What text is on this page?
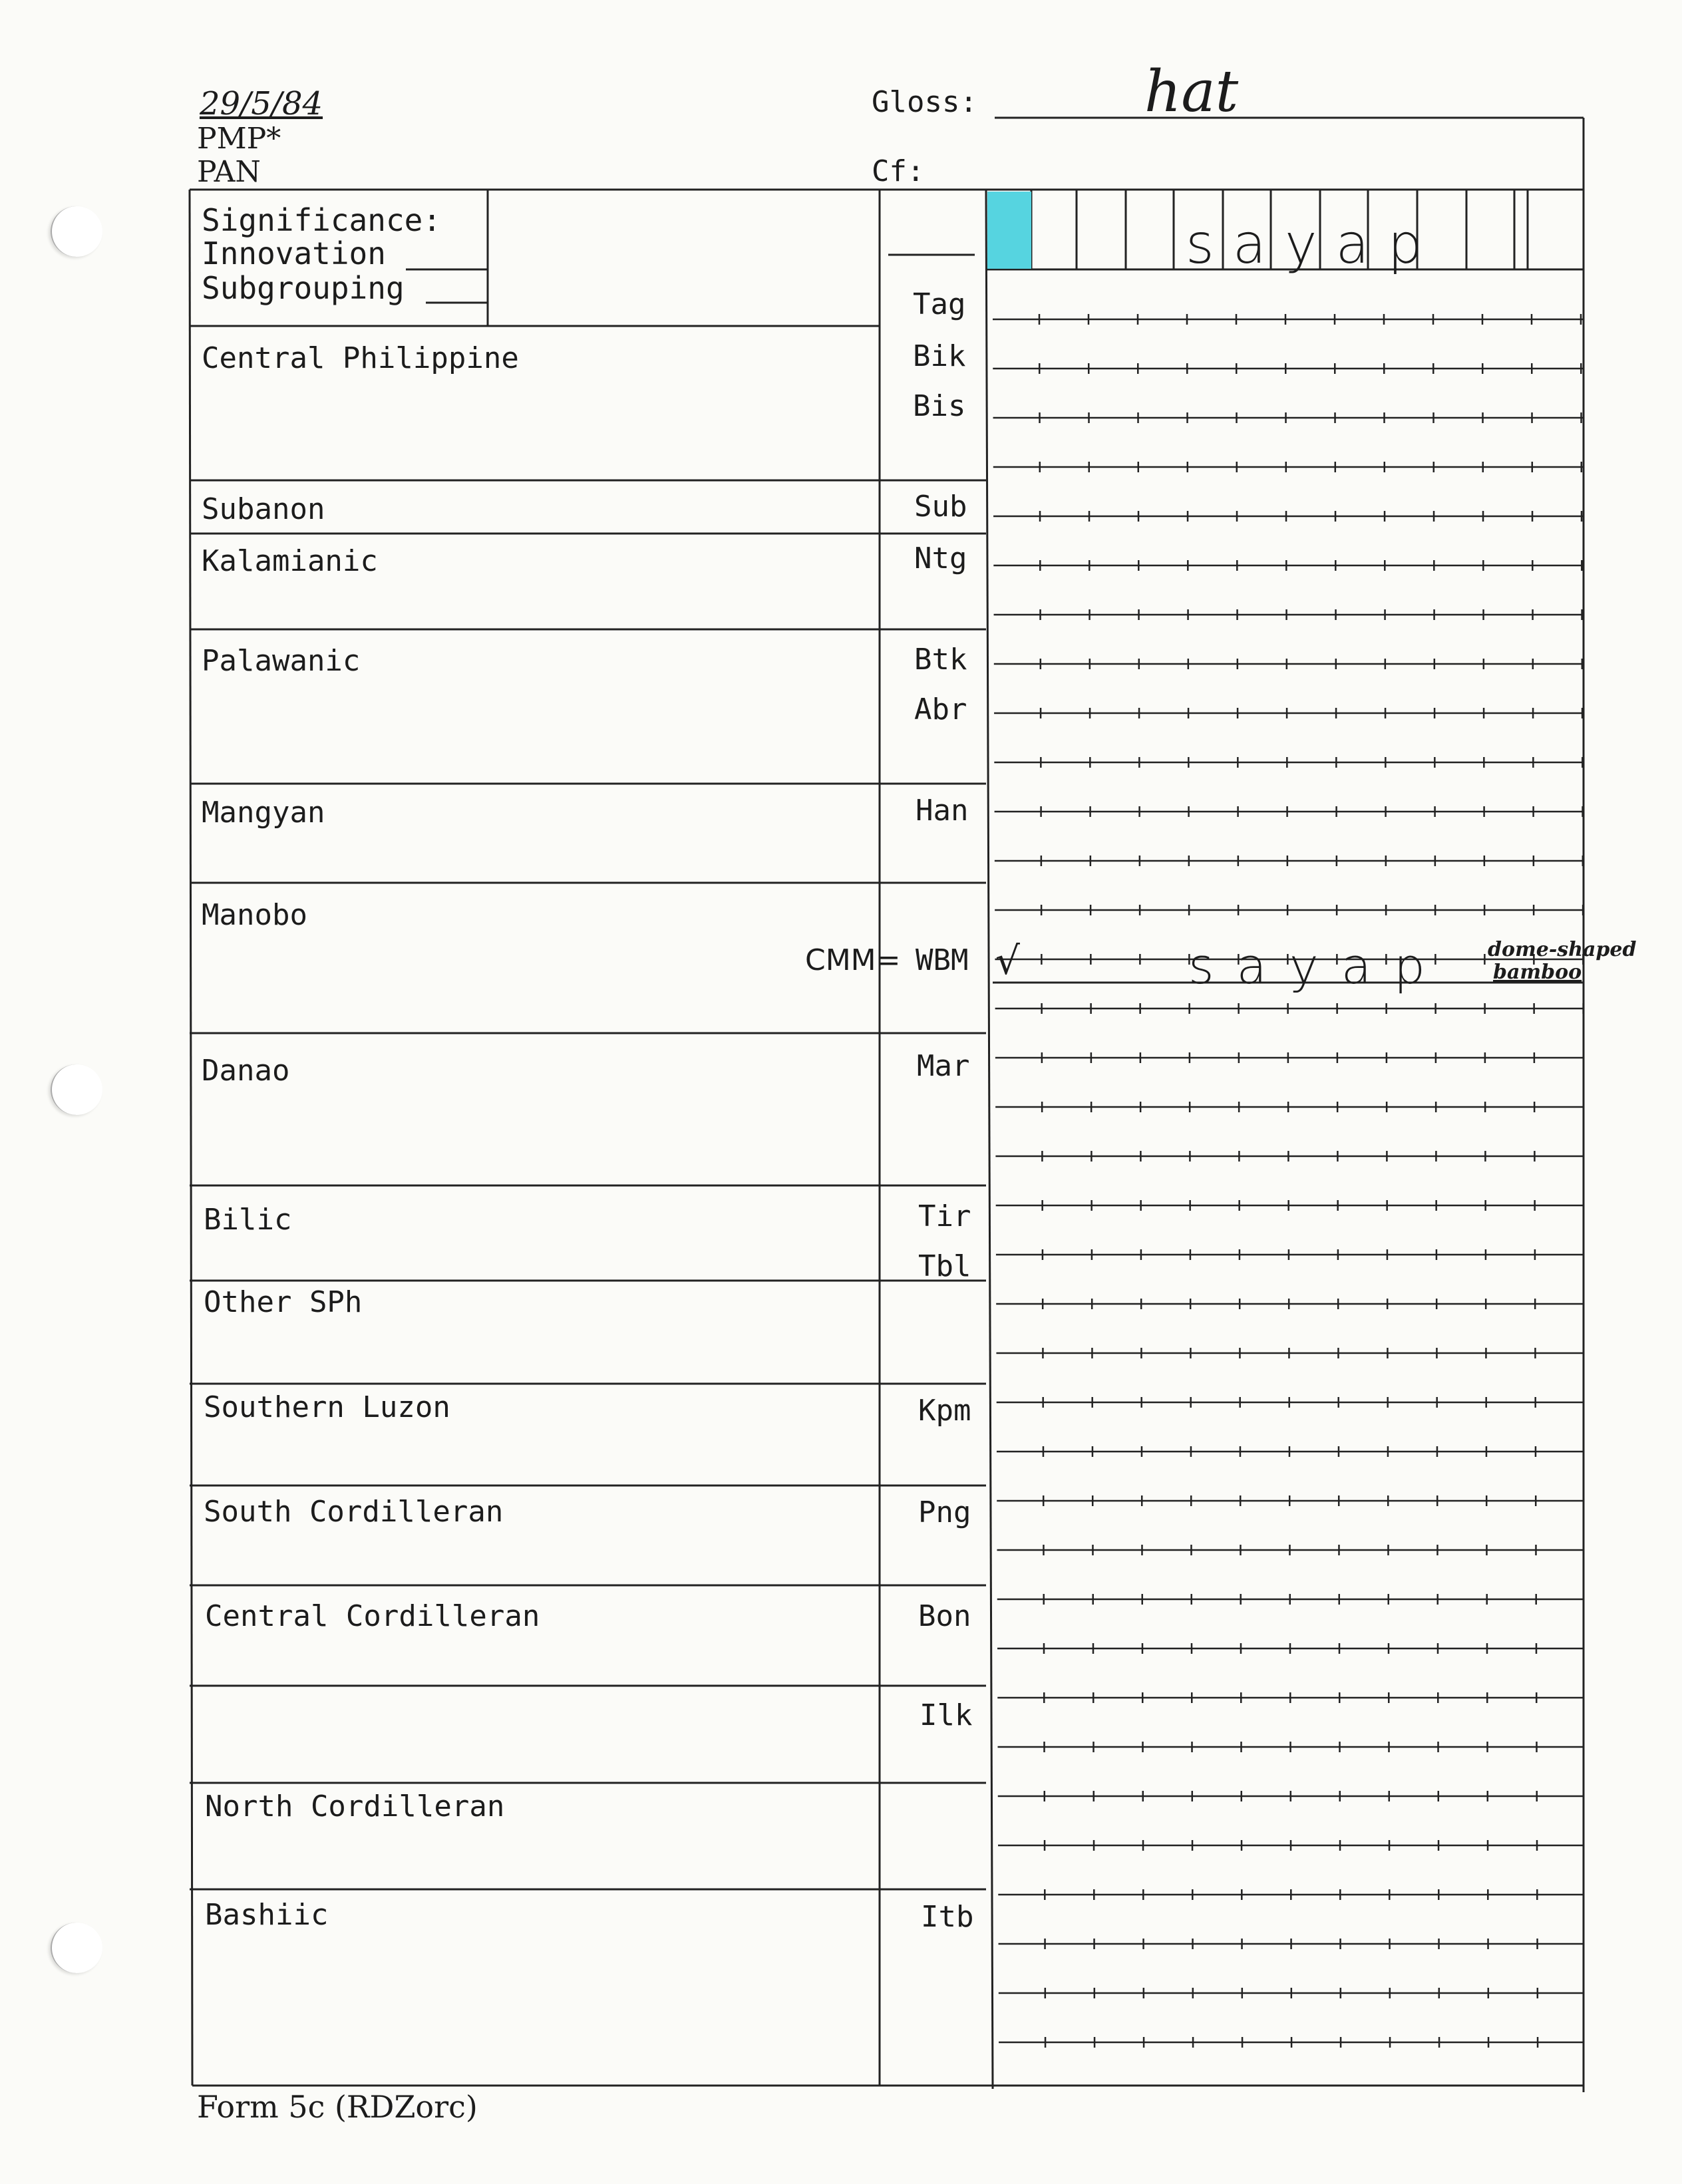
29/5/84
PMP*
PAN
Gloss:	hat
Cf:
Significance:
Innovation
Subgrouping
sayap
Central Philippine
Subanon
Kalamianic
Palawanic
Mangyan
Manobo
Danao
Bilic
Other SPh
Southern Luzon
South Cordilleran
Central Cordilleran
North Cordilleran
Bashiic
Tag
Bik
Bis
Sub
Ntg
Btk
Abr
Han
WBM
Mar
Tir
Tbl
Kpm
Png
Bon
Ilk
Itb
CMM= √	sayap dome-shaped
bamboo
Form 5c (RDZorc)
